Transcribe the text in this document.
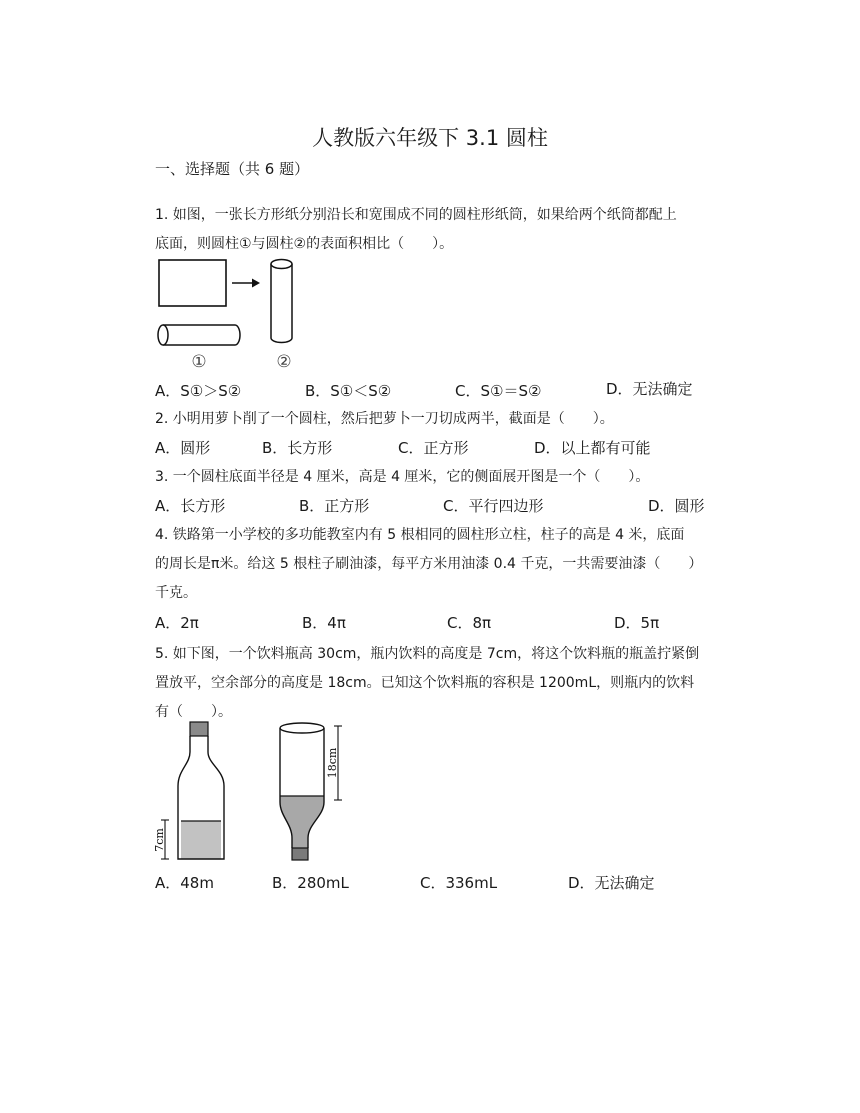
人教版六年级下 3.1 圆柱
一、选择题（共 6 题）
1. 如图，一张长方形纸分别沿长和宽围成不同的圆柱形纸筒，如果给两个纸筒都配上
底面，则圆柱①与圆柱②的表面积相比（　　）。
①	②
A．S①＞S②	B．S①＜S②	C．S①＝S②	D．无法确定
2. 小明用萝卜削了一个圆柱，然后把萝卜一刀切成两半，截面是（　　）。
A．圆形	B．长方形	C．正方形	D．以上都有可能
3. 一个圆柱底面半径是 4 厘米，高是 4 厘米，它的侧面展开图是一个（　　）。
A．长方形	B．正方形	C．平行四边形	D．圆形
4. 铁路第一小学校的多功能教室内有 5 根相同的圆柱形立柱，柱子的高是 4 米，底面
的周长是π米。给这 5 根柱子刷油漆，每平方米用油漆 0.4 千克，一共需要油漆（　　）
千克。
A．2π	B．4π	C．8π	D．5π
5. 如下图，一个饮料瓶高 30cm，瓶内饮料的高度是 7cm，将这个饮料瓶的瓶盖拧紧倒
置放平，空余部分的高度是 18cm。已知这个饮料瓶的容积是 1200mL，则瓶内的饮料
有（　　）。
7cm
18cm
A．48m	B．280mL	C．336mL	D．无法确定
